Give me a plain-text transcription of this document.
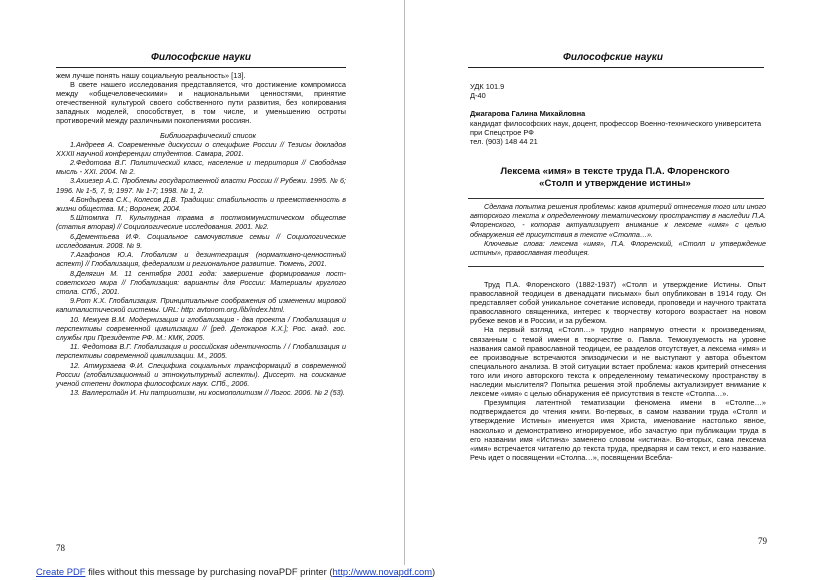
Философские науки

жем лучше понять нашу социальную реальность» [13].

В свете нашего исследования представляется, что достижение компромисса между «общечеловеческими» и национальными ценностями, принятие отечественной культурой своего собственного пути развития, без копирования западных моделей, способствует, в том числе, и уменьшению остроты противоречий между различными поколениями россиян.

Библиографический список

1.Андреев А. Современные дискуссии о специфике России // Тезисы докладов XXXII научной конференции студентов. Самара, 2001.

2.Федотова В.Г. Политический класс, население и территория // Свободная мысль - XXI. 2004. № 2.

3.Ахиезер А.С. Проблемы государственной власти России // Рубежи. 1995. № 6; 1996. № 1-5, 7, 9; 1997. № 1-7; 1998. № 1, 2.

4.Бондырева С.К., Колесов Д.В. Традиции: стабильность и преемственность в жизни общества. М.; Воронеж, 2004.

5.Штомпка П. Культурная травма в посткоммунистическом обществе (статья вторая) // Социологические исследования. 2001. №2.

6.Дементьева И.Ф. Социальное самочувствие семьи // Социологические исследования. 2008. № 9.

7.Агафонов Ю.А. Глобализм и дезинтеграция (нормативно-ценностный аспект) // Глобализация, федерализм и региональное развитие. Тюмень, 2001.

8.Делягин М. 11 сентября 2001 года: завершение формирования пост-советского мира // Глобализация: варианты для России: Материалы круглого стола. СПб., 2001.

9.Рот К.Х. Глобализация. Принципиальные соображения об изменении мировой капиталистической системы. URL: http: avtonom.org./lib/index.html.

10. Межуев В.М. Модернизация и глобализация - два проекта / Глобализация и перспективы современной цивилизации // [ред. Делокаров К.Х.]; Рос. акад. гос. службы при Президенте РФ. М.: КМК, 2005.

11. Федотова В.Г. Глобализация и российская идентичность / / Глобализация и перспективы современной цивилизации. М., 2005.

12. Атмурзаева Ф.И. Специфика социальных трансформаций в современной России (глобализационный и этнокультурный аспекты). Диссерт. на соискание ученой степени доктора философских наук. СПб., 2006.

13. Валлерстайн И. Ни патриотизм, ни космополитизм // Логос. 2006. № 2 (53).

78
Философские науки
УДК 101.9
Д-40
Джагарова Галина Михайловна
кандидат философских наук, доцент, профессор Военно-технического университета при Спецстрое РФ
тел. (903) 148 44 21
Лексема «имя» в тексте труда П.А. Флоренского
«Столп и утверждение истины»

Сделана попытка решения проблемы: каков критерий отнесения того или иного авторского текста к определенному тематическому пространству в наследии П.А. Флоренского, - которая актуализирует внимание к лексеме «имя» с целью обнаружения её присутствия в тексте «Столпа…».

Ключевые слова: лексема «имя», П.А. Флоренский, «Столп и утверждение истины», православная теодицея.

Труд П.А. Флоренского (1882-1937) «Столп и утверждение Истины. Опыт православной теодицеи в двенадцати письмах» был опубликован в 1914 году. Он представляет собой уникальное сочетание исповеди, проповеди и научного трактата православного священника, интерес к творчеству которого возрастает на новом рубеже веков и в России, и за рубежом.

На первый взгляд «Столп…» трудно напрямую отнести к произведениям, связанным с темой имени в творчестве о. Павла. Темокузуемость на уровне названия самой православной теодицеи, ее разделов отсутствует, а лексема «имя» и ее производные встречаются эпизодически и не выступают у автора объектом специального анализа. В этой ситуации встает проблема: каков критерий отнесения того или иного авторского текста к определенному тематическому пространству в наследии мыслителя? Попытка решения этой проблемы актуализирует внимание к лексеме «имя» с целью обнаружения её присутствия в тексте «Столпа…».

Презумпция латентной тематизации феномена имени в «Столпе…» подтверждается до чтения книги. Во-первых, в самом названии труда «Столп и утверждение Истины» именуется имя Христа, именование настолько явное, насколько и демонстративно игнорируемое, ибо зачастую при публикации труда в его названии имя «Истина» заменено словом «истина». Во-вторых, сама лексема «имя» встречается читателю до текста труда, предваряя и сам текст, и его название. Речь идет о посвящении «Столпа…», посвящении Всебла-

79
Create PDF files without this message by purchasing novaPDF printer (http://www.novapdf.com)
